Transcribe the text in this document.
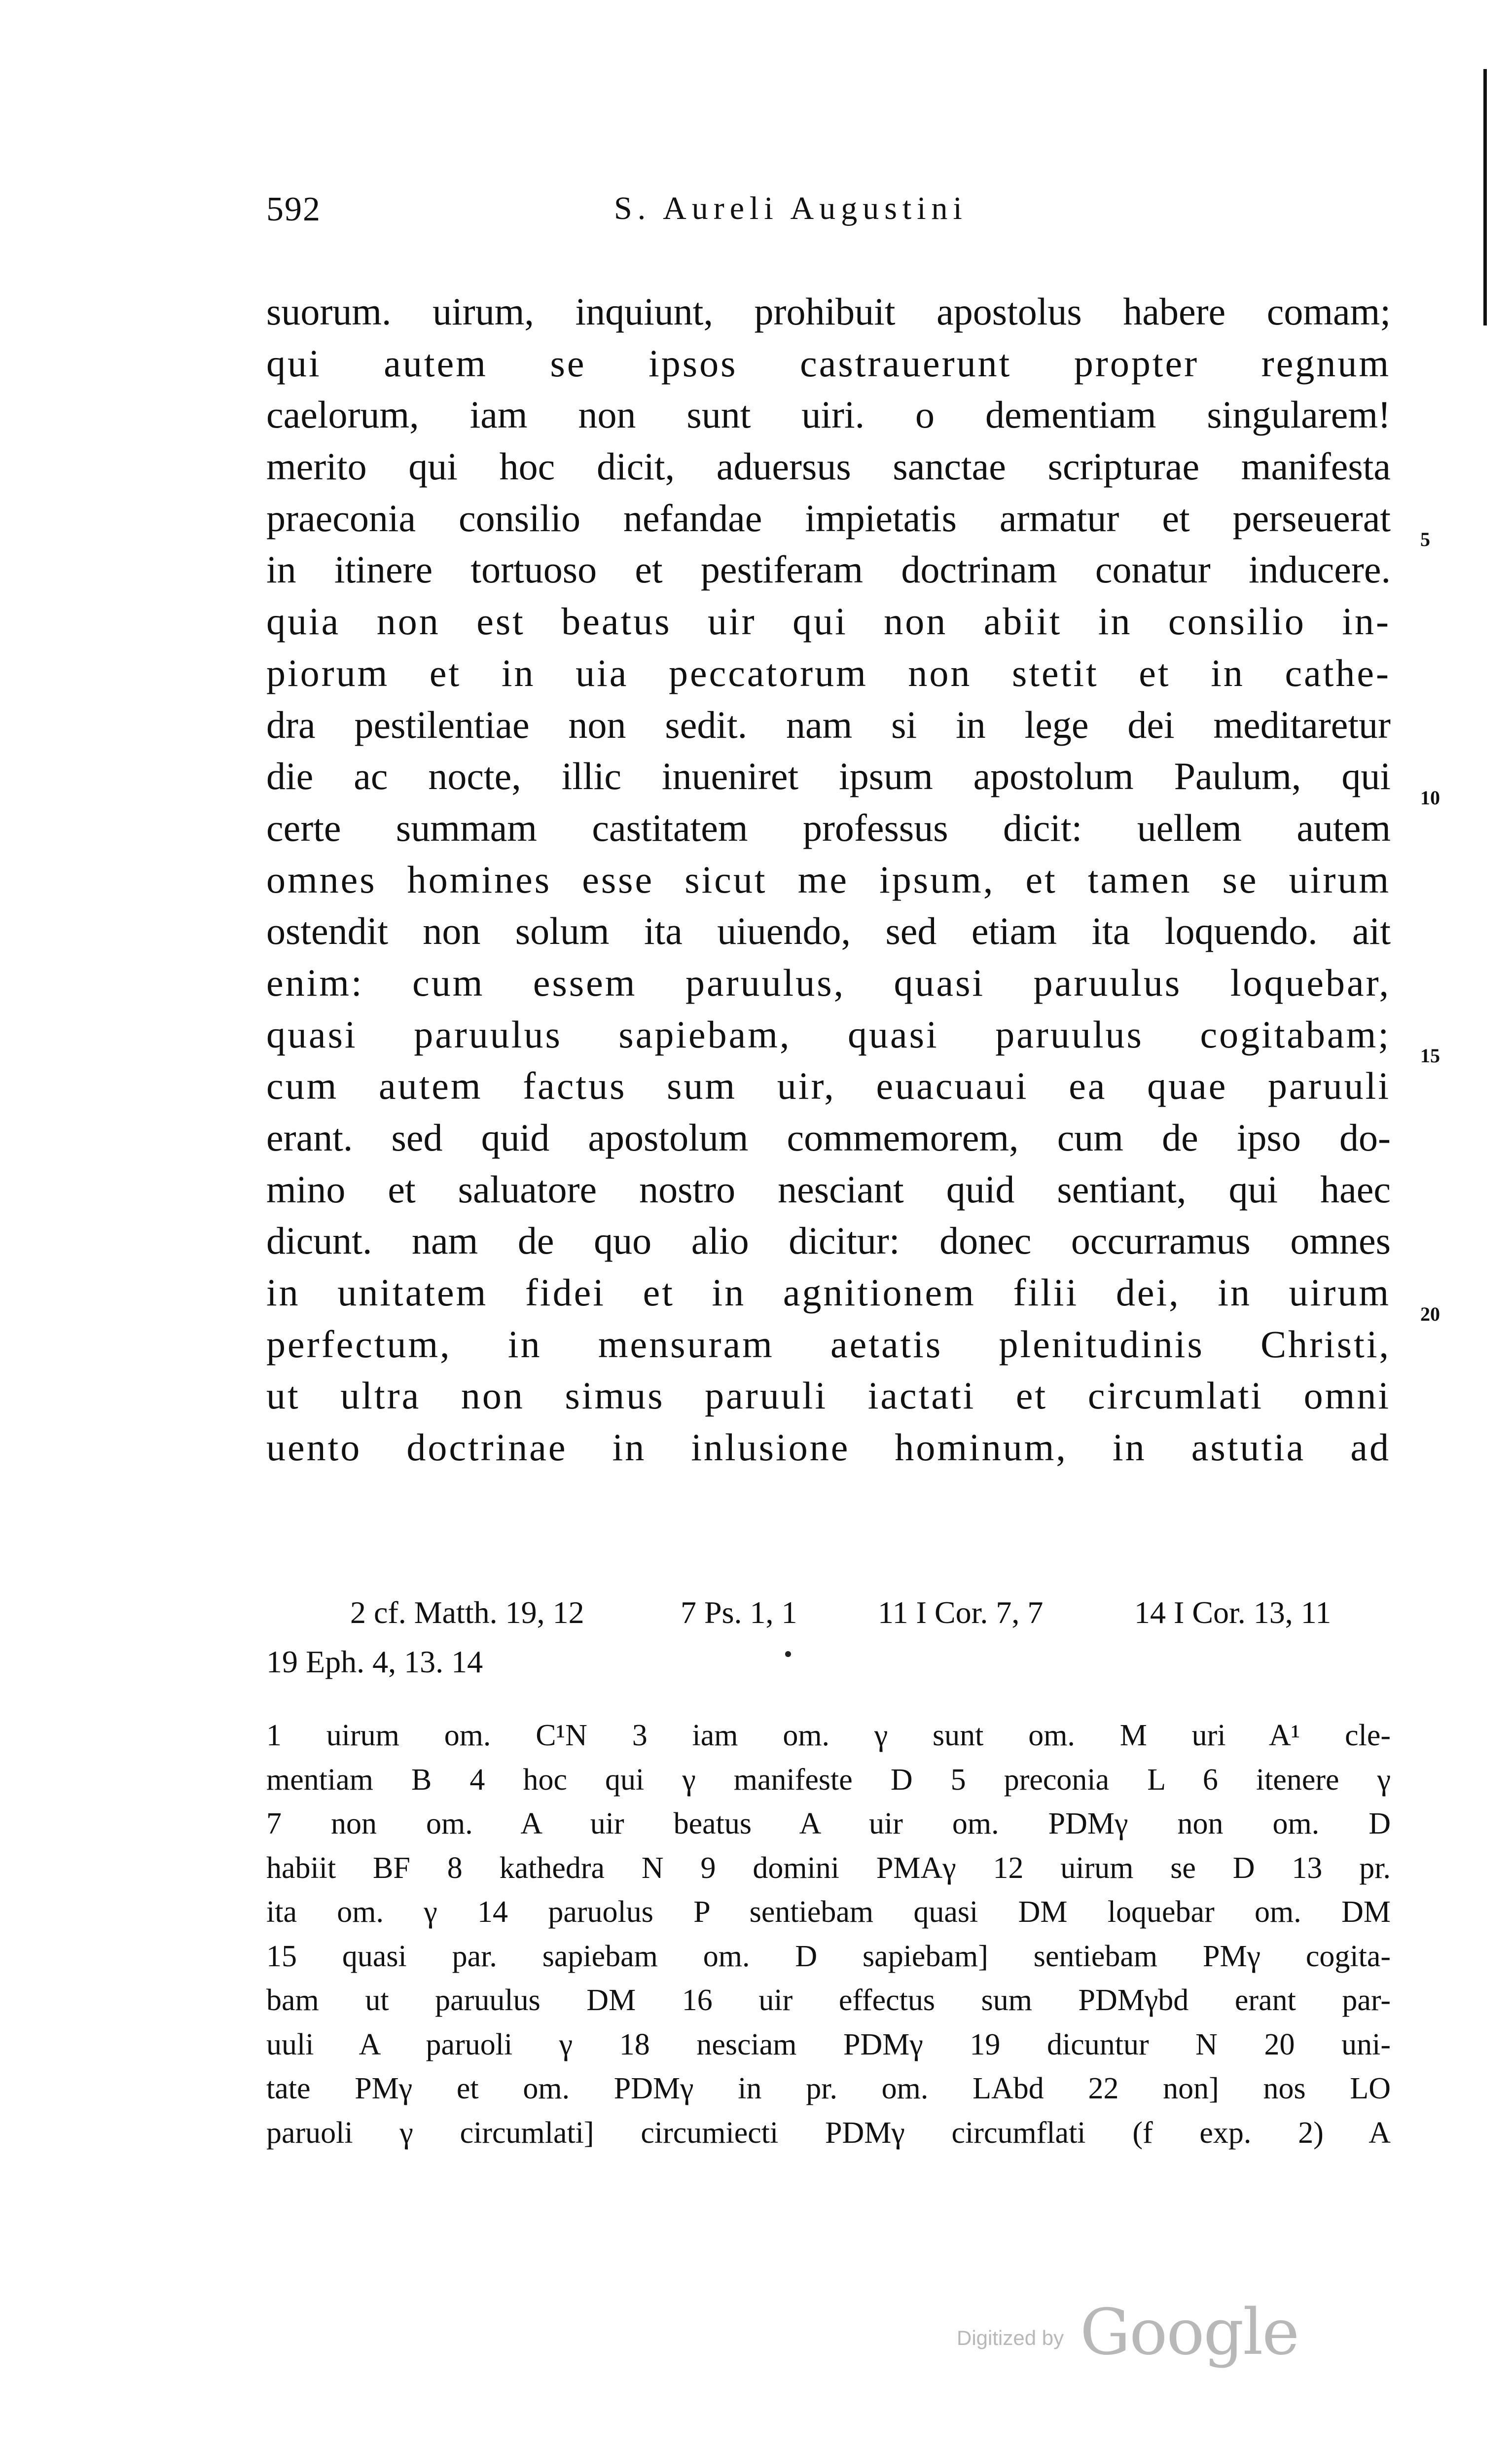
592	S. Aureli Augustini
suorum. uirum, inquiunt, prohibuit apostolus habere comam;
qui autem se ipsos castrauerunt propter regnum
caelorum, iam non sunt uiri. o dementiam singularem!
merito qui hoc dicit, aduersus sanctae scripturae manifesta
praeconia consilio nefandae impietatis armatur et perseuerat
in itinere tortuoso et pestiferam doctrinam conatur inducere.
quia non est beatus uir qui non abiit in consilio in-
piorum et in uia peccatorum non stetit et in cathe-
dra pestilentiae non sedit. nam si in lege dei meditaretur
die ac nocte, illic inueniret ipsum apostolum Paulum, qui
certe summam castitatem professus dicit: uellem autem
omnes homines esse sicut me ipsum, et tamen se uirum
ostendit non solum ita uiuendo, sed etiam ita loquendo. ait
enim: cum essem paruulus, quasi paruulus loquebar,
quasi paruulus sapiebam, quasi paruulus cogitabam;
cum autem factus sum uir, euacuaui ea quae paruuli
erant. sed quid apostolum commemorem, cum de ipso do-
mino et saluatore nostro nesciant quid sentiant, qui haec
dicunt. nam de quo alio dicitur: donec occurramus omnes
in unitatem fidei et in agnitionem filii dei, in uirum
perfectum, in mensuram aetatis plenitudinis Christi,
ut ultra non simus paruuli iactati et circumlati omni
uento doctrinae in inlusione hominum, in astutia ad
5
10
15
20
2 cf. Matth. 19, 12	7 Ps. 1, 1	11 I Cor. 7, 7	14 I Cor. 13, 11
19 Eph. 4, 13. 14
1 uirum om. C¹N 3 iam om. γ sunt om. M uri A¹ cle-
mentiam B 4 hoc qui γ manifeste D 5 preconia L 6 itenere γ
7 non om. A uir beatus A uir om. PDMγ non om. D
habiit BF 8 kathedra N 9 domini PMAγ 12 uirum se D 13 pr.
ita om. γ 14 paruolus P sentiebam quasi DM loquebar om. DM
15 quasi par. sapiebam om. D sapiebam] sentiebam PMγ cogita-
bam ut paruulus DM 16 uir effectus sum PDMγbd erant par-
uuli A paruoli γ 18 nesciam PDMγ 19 dicuntur N 20 uni-
tate PMγ et om. PDMγ in pr. om. LAbd 22 non] nos LO
paruoli γ circumlati] circumiecti PDMγ circumflati (f exp. 2) A
Digitized by Google
